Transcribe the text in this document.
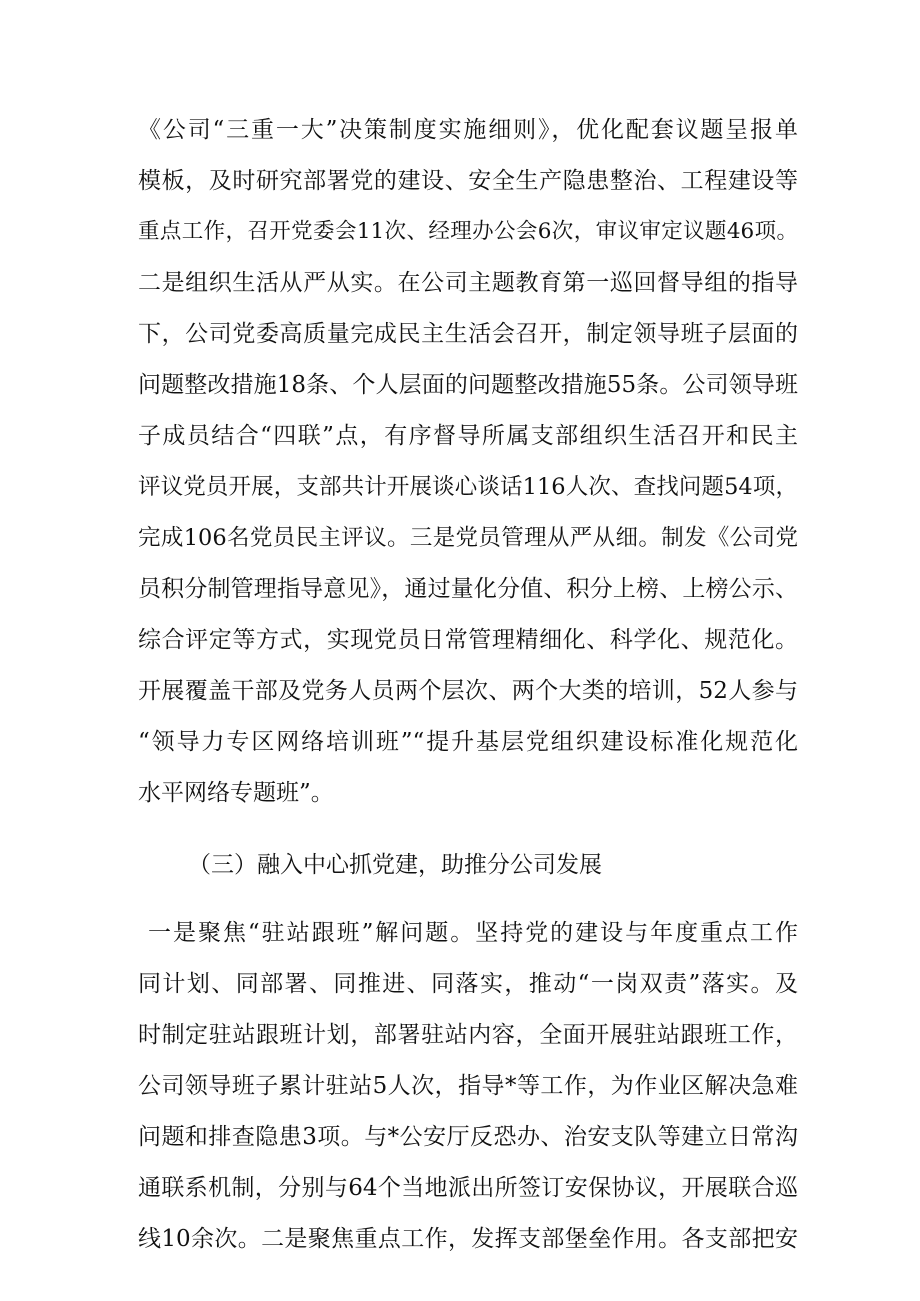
《公司“三重一大”决策制度实施细则》，优化配套议题呈报单
模板，及时研究部署党的建设、安全生产隐患整治、工程建设等
重点工作，召开党委会11次、经理办公会6次，审议审定议题46项。
二是组织生活从严从实。在公司主题教育第一巡回督导组的指导
下，公司党委高质量完成民主生活会召开，制定领导班子层面的
问题整改措施18条、个人层面的问题整改措施55条。公司领导班
子成员结合“四联”点，有序督导所属支部组织生活召开和民主
评议党员开展，支部共计开展谈心谈话116人次、查找问题54项，
完成106名党员民主评议。三是党员管理从严从细。制发《公司党
员积分制管理指导意见》，通过量化分值、积分上榜、上榜公示、
综合评定等方式，实现党员日常管理精细化、科学化、规范化。
开展覆盖干部及党务人员两个层次、两个大类的培训，52人参与
“领导力专区网络培训班”“提升基层党组织建设标准化规范化
水平网络专题班”。
（三）融入中心抓党建，助推分公司发展
一是聚焦“驻站跟班”解问题。坚持党的建设与年度重点工作
同计划、同部署、同推进、同落实，推动“一岗双责”落实。及
时制定驻站跟班计划，部署驻站内容，全面开展驻站跟班工作，
公司领导班子累计驻站5人次，指导*等工作，为作业区解决急难
问题和排查隐患3项。与*公安厅反恐办、治安支队等建立日常沟
通联系机制，分别与64个当地派出所签订安保协议，开展联合巡
线10余次。二是聚焦重点工作，发挥支部堡垒作用。各支部把安
